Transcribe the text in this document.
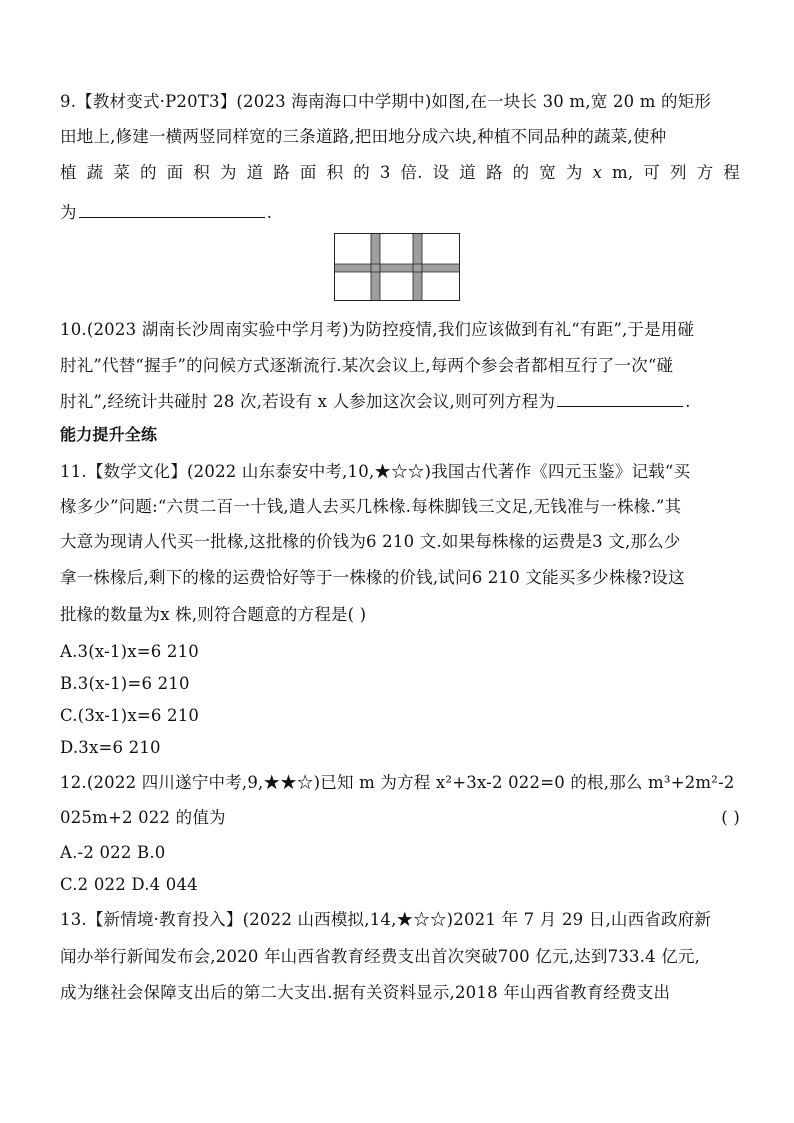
9.【教材变式·P20T3】(2023 海南海口中学期中)如图,在一块长 30 m,宽 20 m 的矩形
田地上,修建一横两竖同样宽的三条道路,把田地分成六块,种植不同品种的蔬菜,使种
植 蔬 菜 的 面 积 为 道 路 面 积 的 3 倍. 设 道 路 的 宽 为 x m, 可 列 方 程
为	.
10.(2023 湖南长沙周南实验中学月考)为防控疫情,我们应该做到有礼“有距”,于是用碰
肘礼”代替“握手”的问候方式逐渐流行.某次会议上,每两个参会者都相互行了一次“碰
肘礼”,经统计共碰肘 28 次,若设有 x 人参加这次会议,则可列方程为	.
能力提升全练
11.【数学文化】(2022 山东泰安中考,10,★☆☆)我国古代著作《四元玉鉴》记载“买
椽多少”问题:“六贯二百一十钱,遣人去买几株椽.每株脚钱三文足,无钱准与一株椽.”其
大意为现请人代买一批椽,这批椽的价钱为6 210 文.如果每株椽的运费是3 文,那么少
拿一株椽后,剩下的椽的运费恰好等于一株椽的价钱,试问6 210 文能买多少株椽?设这
批椽的数量为x 株,则符合题意的方程是( )
A.3(x-1)x=6 210
B.3(x-1)=6 210
C.(3x-1)x=6 210
D.3x=6 210
12.(2022 四川遂宁中考,9,★★☆)已知 m 为方程 x²+3x-2 022=0 的根,那么 m³+2m²-2
025m+2 022 的值为	( )
A.-2 022 B.0
C.2 022 D.4 044
13.【新情境·教育投入】(2022 山西模拟,14,★☆☆)2021 年 7 月 29 日,山西省政府新
闻办举行新闻发布会,2020 年山西省教育经费支出首次突破700 亿元,达到733.4 亿元,
成为继社会保障支出后的第二大支出.据有关资料显示,2018 年山西省教育经费支出
